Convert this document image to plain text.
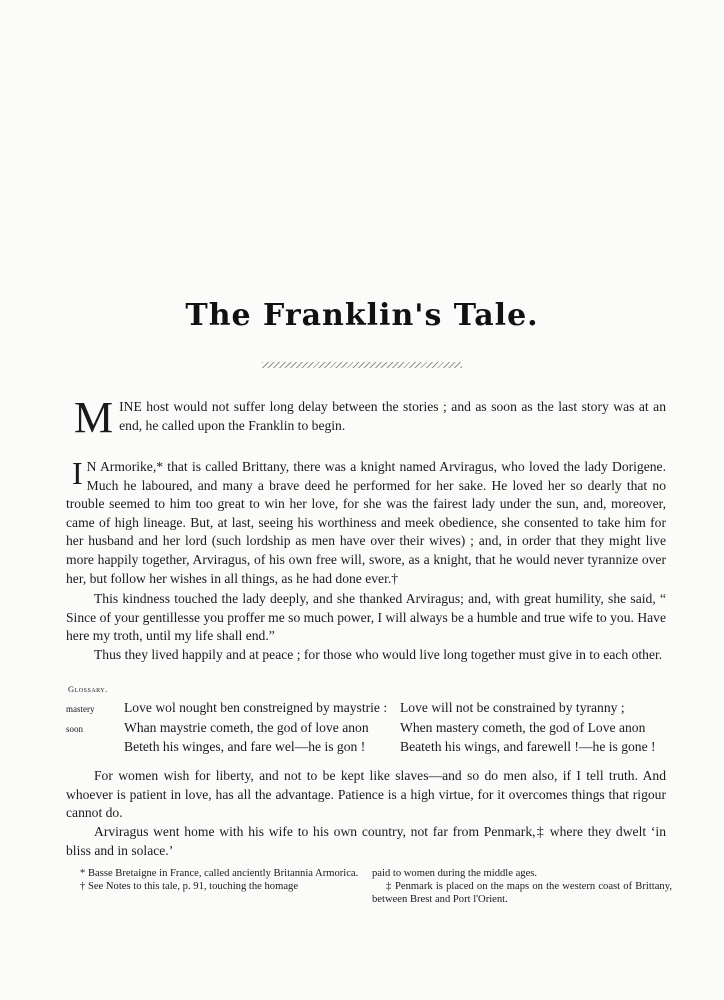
The Franklin's Tale.
M INE host would not suffer long delay between the stories ; and as soon as the last story was at an end, he called upon the Franklin to begin.
I N Armorike,* that is called Brittany, there was a knight named Arviragus, who loved the lady Dorigene. Much he laboured, and many a brave deed he performed for her sake. He loved her so dearly that no trouble seemed to him too great to win her love, for she was the fairest lady under the sun, and, moreover, came of high lineage. But, at last, seeing his worthiness and meek obedience, she consented to take him for her husband and her lord (such lordship as men have over their wives) ; and, in order that they might live more happily together, Arviragus, of his own free will, swore, as a knight, that he would never tyrannize over her, but follow her wishes in all things, as he had done ever.†
This kindness touched the lady deeply, and she thanked Arviragus; and, with great humility, she said, “ Since of your gentillesse you proffer me so much power, I will always be a humble and true wife to you. Have here my troth, until my life shall end.”
Thus they lived happily and at peace ; for those who would live long together must give in to each other.
Glossary.
mastery Love wol nought ben constreigned by maystrie : Love will not be constrained by tyranny ;
soon	Whan maystrie cometh, the god of love anon When mastery cometh, the god of Love anon
Beteth his winges, and fare wel—he is gon !	Beateth his wings, and farewell !—he is gone !
For women wish for liberty, and not to be kept like slaves—and so do men also, if I tell truth. And whoever is patient in love, has all the advantage. Patience is a high virtue, for it overcomes things that rigour cannot do.
Arviragus went home with his wife to his own country, not far from Penmark,‡ where they dwelt ‘in bliss and in solace.’

* Basse Bretaigne in France, called anciently Britannia Armorica.

† See Notes to this tale, p. 91, touching the homage

paid to women during the middle ages.

‡ Penmark is placed on the maps on the western coast of Brittany, between Brest and Port l'Orient.
